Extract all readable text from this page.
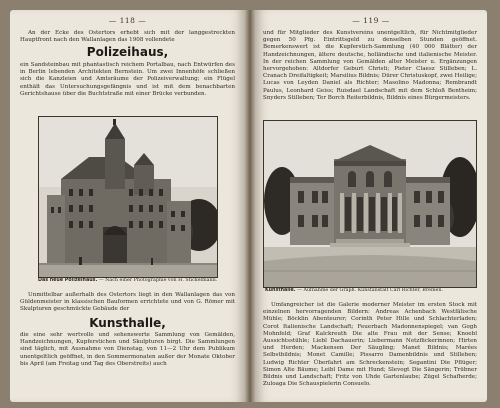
— 118 —

An der Ecke des Ostertors erhebt sich mit der langgestreckten Hauptfront nach den Wallanlagen das 1908 vollendete

Polizeihaus,

ein Sandsteinbau mit phantastisch reichem Portalbau, nach Entwürfen des in Berlin lebenden Architekten Bernstein. Um zwei Innenhöfe schließen sich die Kanzleien und Amtsräume der Polizeiverwaltung; ein Flügel enthält das Untersuchungsgefängnis und ist mit dem benachbarten Gerichtshause über die Buchtstraße mit einer Brücke verbunden.

Das neue Polizeihaus. — Nach einer Photographie von H. Stickelmann.

Unmittelbar außerhalb des Ostertors liegt in den Wallanlagen das von Güldenmeister in klassischen Bauformen errichtete und von G. Römer mit Skulpturen geschmückte Gebäude der

Kunsthalle,

die eine sehr wertvolle und sehenswerte Sammlung von Gemälden, Handzeichnungen, Kupferstichen und Skulpturen birgt. Die Sammlungen sind täglich, mit Ausnahme von Dienstag, von 11—2 Uhr dem Publikum unentgeltlich geöffnet, in den Sommermonaten außer der Monate Oktober bis April (am Freitag und Tag des Oberstreits) auch

— 119 —

und für Mitglieder des Kunstvereins unentgeltlich, für Nichtmitglieder gegen 50 Pfg. Eintrittsgeld zu denselben Stunden geöffnet. Bemerkenswert ist die Kupferstich-Sammlung (40 000 Blätter) der Handzeichnungen, ältere deutsche, holländische und italienische Meister. In der reichen Sammlung von Gemälden alter Meister u. Ergänzungen hervorgehoben: Altdorfer Geburt Christi; Pieter Claesz Stilleben; L. Cranach Dreifaltigkeit; Marsilius Bildnis; Dürer Christuskopf, zwei Heilige; Lucas von Leyden Daniel als Richter; Masolino Madonna; Rembrandt Paulus, Leonhard Geiss; Ruisdael Landschaft mit dem Schloß Bentheim; Snyders Stilleben; Ter Borch Reiterbildnis, Bildnis eines Bürgermeisters.

Kunsthalle. — Aufnahme der Graph. Kunstanstalt Carl Richter, Bremen.

Umfangreicher ist die Galerie moderner Meister im ersten Stock mit einzelnen hervorragenden Bildern: Andreas Achenbach Westfälische Mühle; Böcklin Abenteurer; Corinth Peter Hille und Schlachterladen; Corot Italienische Landschaft; Feuerbach Madonnenspiegel; van Gogh Mohnfeld; Graf Kalckreuth Die alte Frau mit der Sense; Knoebl Aussichtsstühle; Liebl Dachauerin; Liebermann Netzflickerinnen; Hirten und Herden; Mackensen Der Säugling; Manet Bildnis; Marées Selbstbildnis; Monet Camille; Pissarro Damenbildnis und Stilleben; Ludwig Richter Überfahrt am Schreckenstein; Segantini Die Pflüger; Simon Alte Bäume; Leibl Dame mit Hund; Slevogt Die Sängerin; Trübner Bildnis und Landschaft; Fritz von Uhde Gartenlaube; Zügel Schafherde; Zuloaga Die Schauspielerin Consuelo.
